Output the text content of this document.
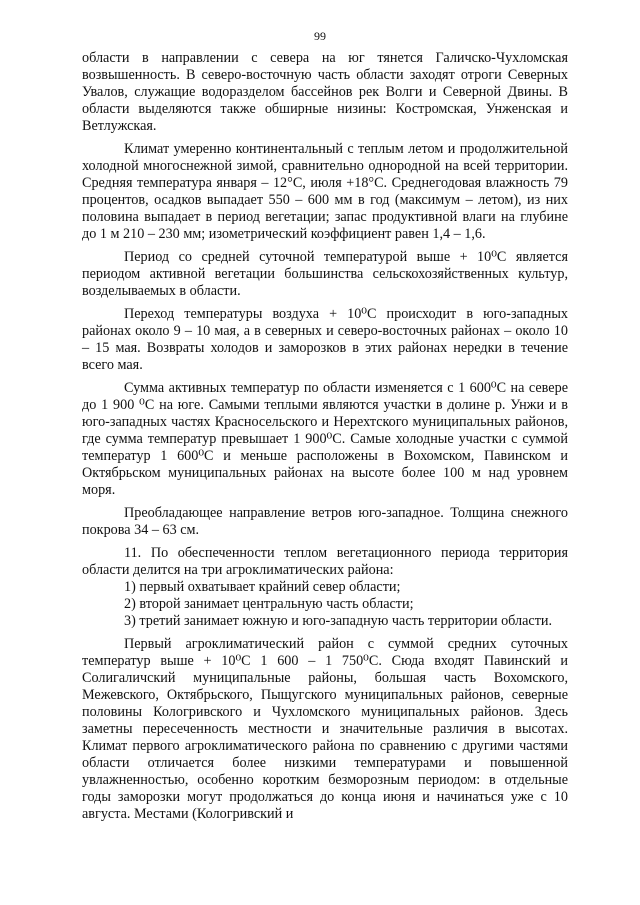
99

области в направлении с севера на юг тянется Галичско-Чухломская возвышенность. В северо-восточную часть области заходят отроги Северных Увалов, служащие водоразделом бассейнов рек Волги и Северной Двины. В области выделяются также обширные низины: Костромская, Унженская и Ветлужская.

Климат умеренно континентальный с теплым летом и продолжительной холодной многоснежной зимой, сравнительно однородной на всей территории. Средняя температура января – 12°С, июля +18°С. Среднегодовая влажность 79 процентов, осадков выпадает 550 – 600 мм в год (максимум – летом), из них половина выпадает в период вегетации; запас продуктивной влаги на глубине до 1 м 210 – 230 мм; изометрический коэффициент равен 1,4 – 1,6.

Период со средней суточной температурой выше + 10⁰С является периодом активной вегетации большинства сельскохозяйственных культур, возделываемых в области.

Переход температуры воздуха + 10⁰С происходит в юго-западных районах около 9 – 10 мая, а в северных и северо-восточных районах – около 10 – 15 мая. Возвраты холодов и заморозков в этих районах нередки в течение всего мая.

Сумма активных температур по области изменяется с 1 600⁰С на севере до 1 900 ⁰С на юге. Самыми теплыми являются участки в долине р. Унжи и в юго-западных частях Красносельского и Нерехтского муниципальных районов, где сумма температур превышает 1 900⁰С. Самые холодные участки с суммой температур 1 600⁰С и меньше расположены в Вохомском, Павинском и Октябрьском муниципальных районах на высоте более 100 м над уровнем моря.

Преобладающее направление ветров юго-западное. Толщина снежного покрова 34 – 63 см.

11. По обеспеченности теплом вегетационного периода территория области делится на три агроклиматических района:

1) первый охватывает крайний север области;

2) второй занимает центральную часть области;

3) третий занимает южную и юго-западную часть территории области.

Первый агроклиматический район с суммой средних суточных температур выше + 10⁰С 1 600 – 1 750⁰С. Сюда входят Павинский и Солигаличский муниципальные районы, большая часть Вохомского, Межевского, Октябрьского, Пыщугского муниципальных районов, северные половины Кологривского и Чухломского муниципальных районов. Здесь заметны пересеченность местности и значительные различия в высотах. Климат первого агроклиматического района по сравнению с другими частями области отличается более низкими температурами и повышенной увлажненностью, особенно коротким безморозным периодом: в отдельные годы заморозки могут продолжаться до конца июня и начинаться уже с 10 августа. Местами (Кологривский и
